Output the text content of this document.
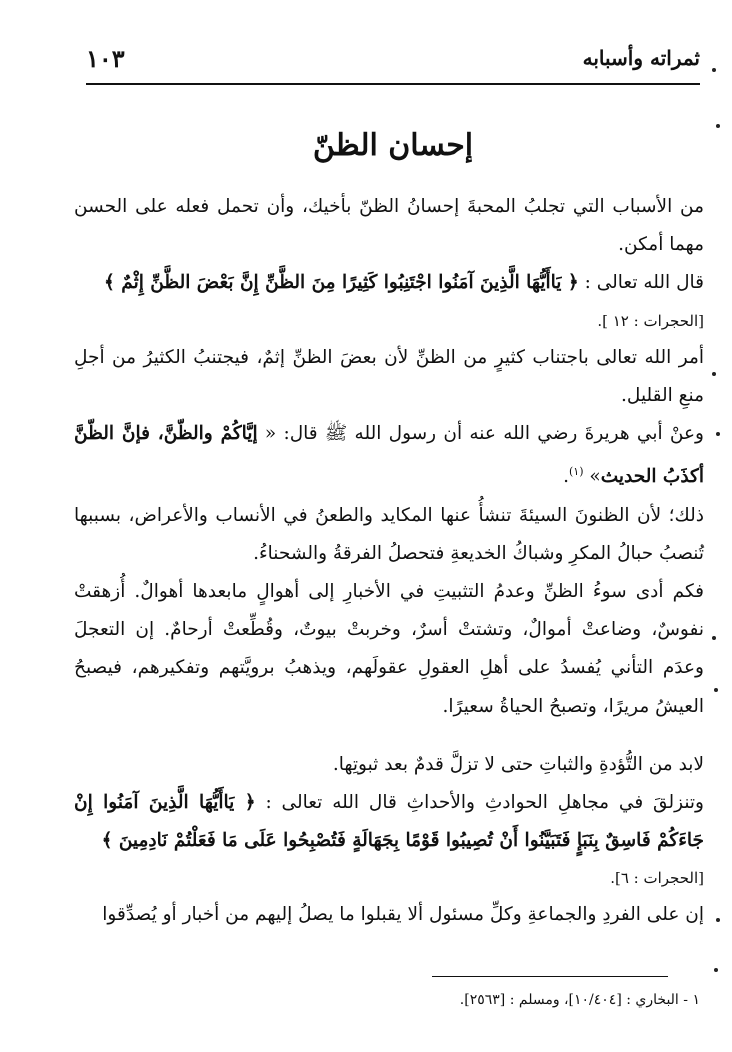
ثمراته وأسبابه
١٠٣
إحسان الظنّ

من الأسباب التي تجلبُ المحبةَ إحسانُ الظنّ بأخيك، وأن تحمل فعله على الحسن مهما أمكن.

قال الله تعالى : ﴿ يَاأَيُّهَا الَّذِينَ آمَنُوا اجْتَنِبُوا كَثِيرًا مِنَ الظَّنِّ إِنَّ بَعْضَ الظَّنِّ إِثْمٌ ﴾
[الحجرات : ١٢ ].

أمر الله تعالى باجتناب كثيرٍ من الظنِّ لأن بعضَ الظنِّ إثمٌ، فيجتنبُ الكثيرُ من أجلِ منعِ القليل.

وعنْ أبي هريرةَ رضي الله عنه أن رسول الله ﷺ قال: « إيَّاكُمْ والظّنَّ، فإنَّ الظّنَّ أكذَبُ الحديث» $^{(١)}$.

ذلك؛ لأن الظنونَ السيئةَ تنشأُ عنها المكايد والطعنُ في الأنساب والأعراض، بسببها تُنصبُ حبالُ المكرِ وشباكُ الخديعةِ فتحصلُ الفرقةُ والشحناءُ.

فكم أدى سوءُ الظنِّ وعدمُ التثبيتِ في الأخبارِ إلى أهوالٍ مابعدها أهوالٌ. أُزهقتْ نفوسٌ، وضاعتْ أموالٌ، وتشتتْ أسرٌ، وخربتْ بيوتٌ، وقُطِّعتْ أرحامٌ. إن التعجلَ وعدَم التأني يُفسدُ على أهلِ العقولِ عقولَهم، ويذهبُ برويَّتهم وتفكيرهم، فيصبحُ العيشُ مريرًا، وتصبحُ الحياةُ سعيرًا.

لابد من التُّؤدةِ والثباتِ حتى لا تزلَّ قدمٌ بعد ثبوتِها.

وتنزلقَ في مجاهلِ الحوادثِ والأحداثِ قال الله تعالى : ﴿ يَاأَيُّهَا الَّذِينَ آمَنُوا إِنْ جَاءَكُمْ فَاسِقٌ بِنَبَإٍ فَتَبَيَّنُوا أَنْ تُصِيبُوا قَوْمًا بِجَهَالَةٍ فَتُصْبِحُوا عَلَى مَا فَعَلْتُمْ نَادِمِينَ ﴾
[الحجرات : ٦].

إن على الفردِ والجماعةِ وكلِّ مسئول ألا يقبلوا ما يصلُ إليهم من أخبار أو يُصدِّقوا

١ - البخاري : [١٠/٤٠٤]، ومسلم : [٢٥٦٣].
